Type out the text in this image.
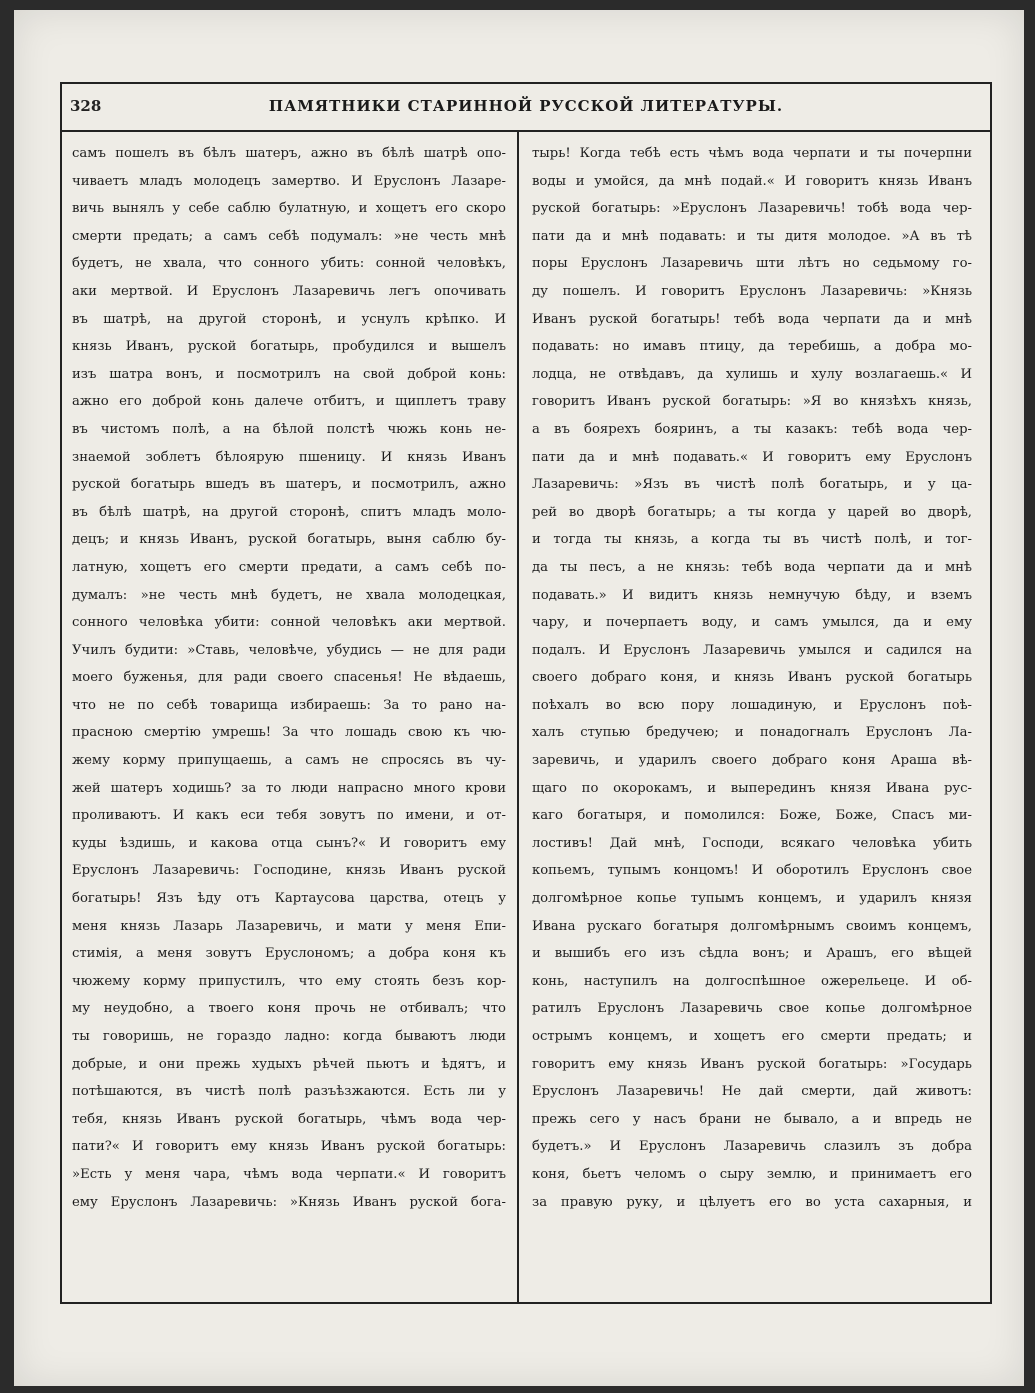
328	ПАМЯТНИКИ СТАРИННОЙ РУССКОЙ ЛИТЕРАТУРЫ.

самъ пошелъ въ бѣлъ шатеръ, ажно въ бѣлѣ шатрѣ опо-

чиваетъ младъ молодецъ замертво. И Еруслонъ Лазаре-

вичь вынялъ у себе саблю булатную, и хощетъ его скоро

смерти предать; а самъ себѣ подумалъ: »не честь мнѣ

будетъ, не хвала, что сонного убить: сонной человѣкъ,

аки мертвой. И Еруслонъ Лазаревичь легъ опочивать

въ шатрѣ, на другой сторонѣ, и уснулъ крѣпко. И

князь Иванъ, руской богатырь, пробудился и вышелъ

изъ шатра вонъ, и посмотрилъ на свой доброй конь:

ажно его доброй конь далече отбитъ, и щиплетъ траву

въ чистомъ полѣ, а на бѣлой полстѣ чюжь конь не-

знаемой зоблетъ бѣлоярую пшеницу. И князь Иванъ

руской богатырь вшедъ въ шатеръ, и посмотрилъ, ажно

въ бѣлѣ шатрѣ, на другой сторонѣ, спитъ младъ моло-

децъ; и князь Иванъ, руской богатырь, выня саблю бу-

латную, хощетъ его смерти предати, а самъ себѣ по-

думалъ: »не честь мнѣ будетъ, не хвала молодецкая,

сонного человѣка убити: сонной человѣкъ аки мертвой.

Училъ будити: »Ставь, человѣче, убудись — не для ради

моего буженья, для ради своего спасенья! Не вѣдаешь,

что не по себѣ товарища избираешь: За то рано на-

прасною смертію умрешь! За что лошадь свою къ чю-

жему корму припущаешь, а самъ не спросясь въ чу-

жей шатеръ ходишь? за то люди напрасно много крови

проливаютъ. И какъ еси тебя зовутъ по имени, и от-

куды ѣздишь, и какова отца сынъ?« И говоритъ ему

Еруслонъ Лазаревичь: Господине, князь Иванъ руской

богатырь! Язъ ѣду отъ Картаусова царства, отецъ у

меня князь Лазарь Лазаревичь, и мати у меня Епи-

стимія, а меня зовутъ Еруслономъ; а добра коня къ

чюжему корму припустилъ, что ему стоять безъ кор-

му неудобно, а твоего коня прочь не отбивалъ; что

ты говоришь, не гораздо ладно: когда бываютъ люди

добрые, и они прежь худыхъ рѣчей пьютъ и ѣдятъ, и

потѣшаются, въ чистѣ полѣ разъѣзжаются. Есть ли у

тебя, князь Иванъ руской богатырь, чѣмъ вода чер-

пати?« И говоритъ ему князь Иванъ руской богатырь:

»Есть у меня чара, чѣмъ вода черпати.« И говоритъ

ему Еруслонъ Лазаревичь: »Князь Иванъ руской бога-

тырь! Когда тебѣ есть чѣмъ вода черпати и ты почерпни

воды и умойся, да мнѣ подай.« И говоритъ князь Иванъ

руской богатырь: »Еруслонъ Лазаревичь! тобѣ вода чер-

пати да и мнѣ подавать: и ты дитя молодое. »А въ тѣ

поры Еруслонъ Лазаревичь шти лѣтъ но седьмому го-

ду пошелъ. И говоритъ Еруслонъ Лазаревичь: »Князь

Иванъ руской богатырь! тебѣ вода черпати да и мнѣ

подавать: но имавъ птицу, да теребишь, а добра мо-

лодца, не отвѣдавъ, да хулишь и хулу возлагаешь.« И

говоритъ Иванъ руской богатырь: »Я во князѣхъ князь,

а въ бояреxъ бояринъ, а ты казакъ: тебѣ вода чер-

пати да и мнѣ подавать.« И говоритъ ему Еруслонъ

Лазаревичь: »Язъ въ чистѣ полѣ богатырь, и у ца-

рей во дворѣ богатырь; а ты когда у царей во дворѣ,

и тогда ты князь, а когда ты въ чистѣ полѣ, и тог-

да ты песъ, а не князь: тебѣ вода черпати да и мнѣ

подавать.» И видитъ князь немнучую бѣду, и вземъ

чару, и почерпаетъ воду, и самъ умылся, да и ему

подалъ. И Еруслонъ Лазаревичь умылся и садился на

своего добраго коня, и князь Иванъ руской богатырь

поѣхалъ во всю пору лошадиную, и Еруслонъ поѣ-

халъ ступью бредучею; и понадогналъ Еруслонъ Ла-

заревичь, и ударилъ своего добраго коня Араша вѣ-

щаго по окорокамъ, и выперединъ князя Ивана рус-

каго богатыря, и помолился: Боже, Боже, Спасъ ми-

лостивъ! Дай мнѣ, Господи, всякаго человѣка убить

копьемъ, тупымъ концомъ! И оборотилъ Еруслонъ свое

долгомѣрное копье тупымъ концемъ, и ударилъ князя

Ивана рускаго богатыря долгомѣрнымъ своимъ концемъ,

и вышибъ его изъ сѣдла вонъ; и Арашъ, его вѣщей

конь, наступилъ на долгоспѣшное ожерельеце. И об-

ратилъ Еруслонъ Лазаревичь свое копье долгомѣрное

острымъ концемъ, и хощетъ его смерти предать; и

говоритъ ему князь Иванъ руской богатырь: »Государь

Еруслонъ Лазаревичь! Не дай смерти, дай животъ:

прежь сего у насъ брани не бывало, а и впредь не

будетъ.» И Еруслонъ Лазаревичь слазилъ зъ добра

коня, бьетъ челомъ о сыру землю, и принимаетъ его

за правую руку, и цѣлуетъ его во уста сахарныя, и
